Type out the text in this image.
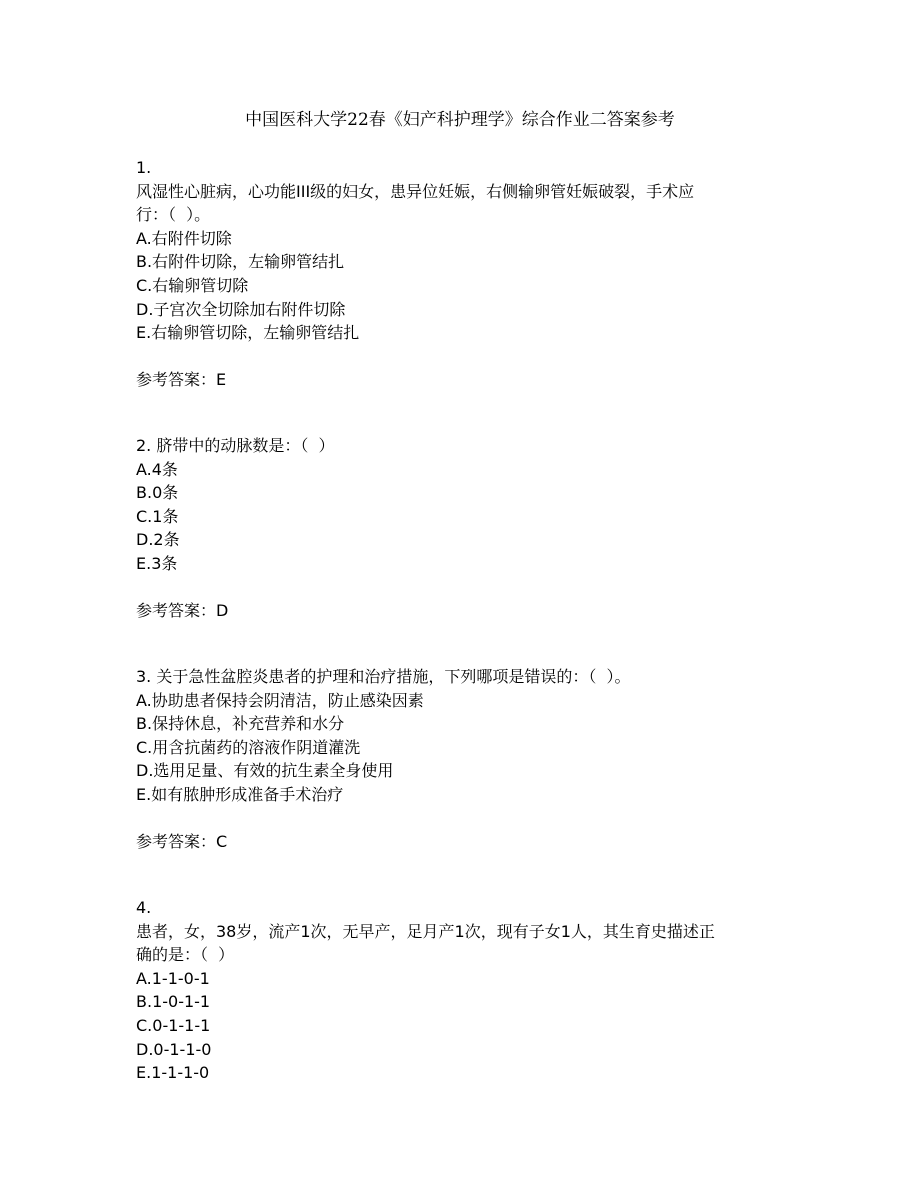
中国医科大学22春《妇产科护理学》综合作业二答案参考
1.
风湿性心脏病，心功能III级的妇女，患异位妊娠，右侧输卵管妊娠破裂，手术应
行：（  ）。
A.右附件切除
B.右附件切除，左输卵管结扎
C.右输卵管切除
D.子宫次全切除加右附件切除
E.右输卵管切除，左输卵管结扎
参考答案：E
2. 脐带中的动脉数是：（  ）
A.4条
B.0条
C.1条
D.2条
E.3条
参考答案：D
3. 关于急性盆腔炎患者的护理和治疗措施，下列哪项是错误的：（  ）。
A.协助患者保持会阴清洁，防止感染因素
B.保持休息，补充营养和水分
C.用含抗菌药的溶液作阴道灌洗
D.选用足量、有效的抗生素全身使用
E.如有脓肿形成准备手术治疗
参考答案：C
4.
患者，女，38岁，流产1次，无早产，足月产1次，现有子女1人，其生育史描述正
确的是：（  ）
A.1-1-0-1
B.1-0-1-1
C.0-1-1-1
D.0-1-1-0
E.1-1-1-0
